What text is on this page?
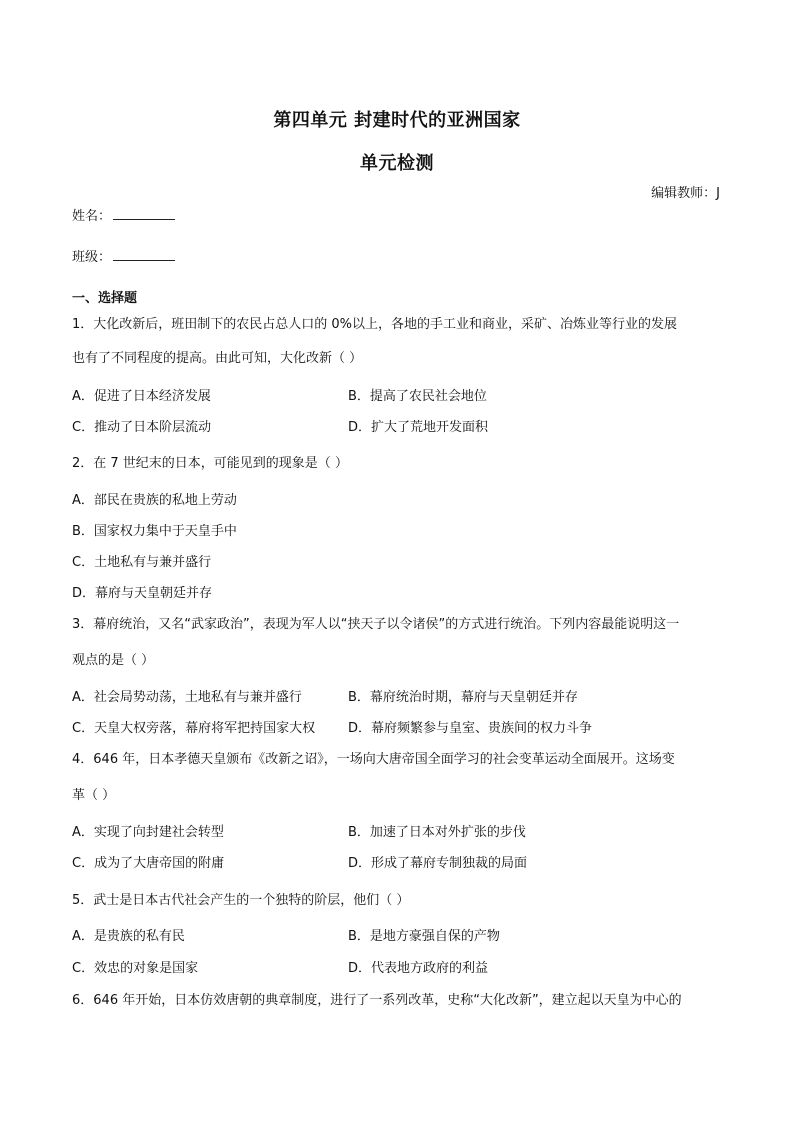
第四单元 封建时代的亚洲国家
单元检测
编辑教师：J
姓名：
班级：
一、选择题
1．大化改新后，班田制下的农民占总人口的 0%以上，各地的手工业和商业，采矿、冶炼业等行业的发展
也有了不同程度的提高。由此可知，大化改新（ ）
A．促进了日本经济发展	B．提高了农民社会地位
C．推动了日本阶层流动	D．扩大了荒地开发面积
2．在 7 世纪末的日本，可能见到的现象是（ ）
A．部民在贵族的私地上劳动
B．国家权力集中于天皇手中
C．土地私有与兼并盛行
D．幕府与天皇朝廷并存
3．幕府统治，又名“武家政治”，表现为军人以“挟天子以令诸侯”的方式进行统治。下列内容最能说明这一
观点的是（ ）
A．社会局势动荡，土地私有与兼并盛行	B．幕府统治时期，幕府与天皇朝廷并存
C．天皇大权旁落，幕府将军把持国家大权	D．幕府频繁参与皇室、贵族间的权力斗争
4．646 年，日本孝德天皇颁布《改新之诏》，一场向大唐帝国全面学习的社会变革运动全面展开。这场变
革（ ）
A．实现了向封建社会转型	B．加速了日本对外扩张的步伐
C．成为了大唐帝国的附庸	D．形成了幕府专制独裁的局面
5．武士是日本古代社会产生的一个独特的阶层，他们（ ）
A．是贵族的私有民	B．是地方豪强自保的产物
C．效忠的对象是国家	D．代表地方政府的利益
6．646 年开始，日本仿效唐朝的典章制度，进行了一系列改革，史称“大化改新”，建立起以天皇为中心的
